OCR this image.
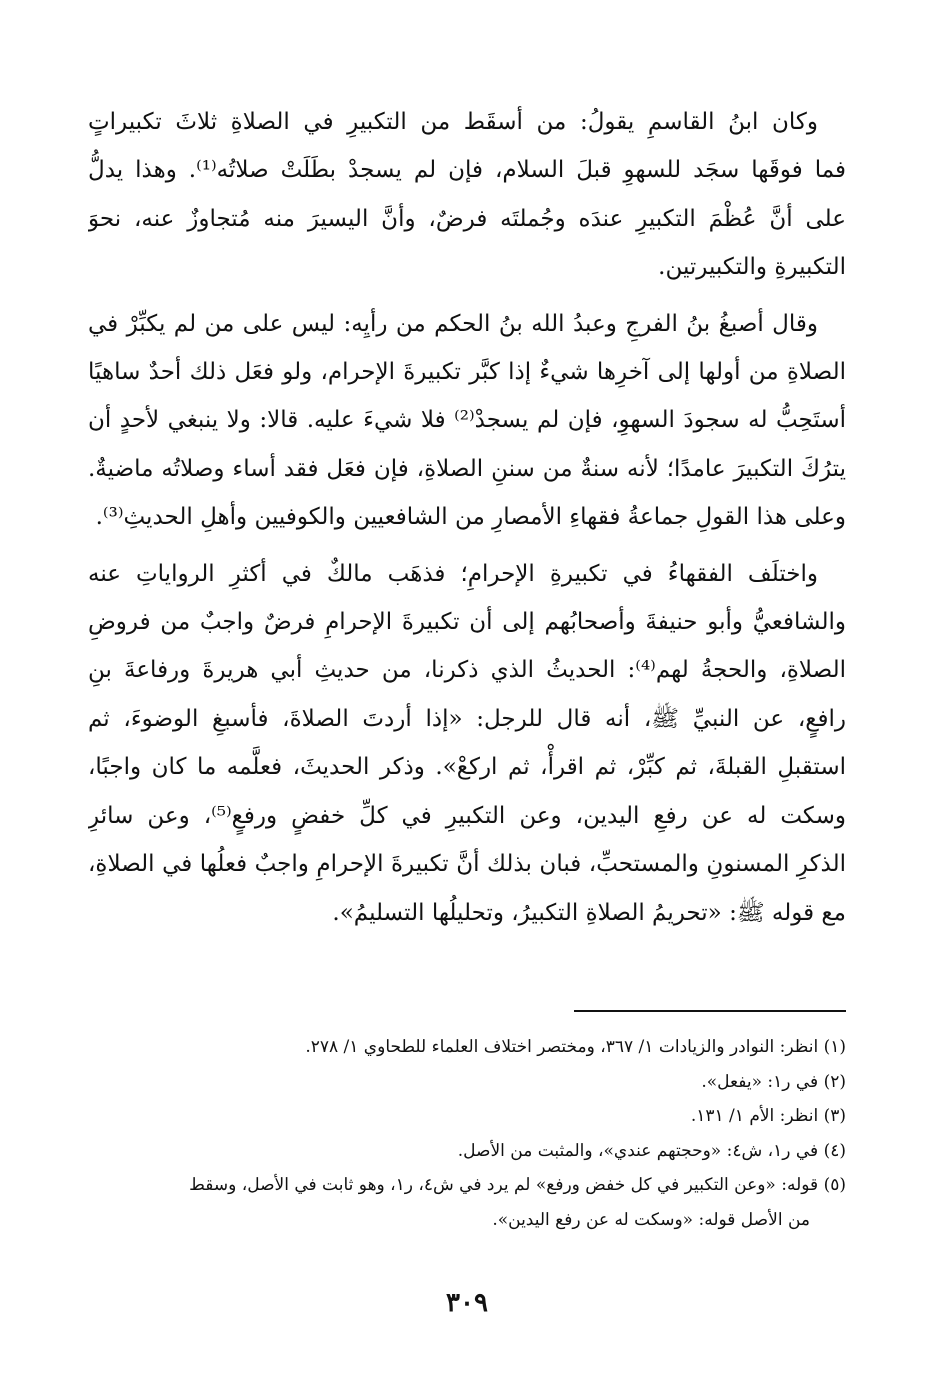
وكان ابنُ القاسمِ يقولُ: من أسقَط من التكبيرِ في الصلاةِ ثلاثَ تكبيراتٍ
فما فوقَها سجَد للسهوِ قبلَ السلام، فإن لم يسجدْ بطَلَتْ صلاتُه⁽¹⁾. وهذا يدلُّ
على أنَّ عُظْمَ التكبيرِ عندَه وجُملتَه فرضٌ، وأنَّ اليسيرَ منه مُتجاوزٌ عنه، نحوَ
التكبيرةِ والتكبيرتين.

وقال أصبغُ بنُ الفرجِ وعبدُ الله بنُ الحكم من رأيِه: ليس على من لم يكبِّرْ في
الصلاةِ من أولها إلى آخرِها شيءٌ إذا كبَّر تكبيرةَ الإحرام، ولو فعَل ذلك أحدٌ ساهيًا
أستَحِبُّ له سجودَ السهوِ، فإن لم يسجدْ⁽²⁾ فلا شيءَ عليه. قالا: ولا ينبغي لأحدٍ أن
يترُكَ التكبيرَ عامدًا؛ لأنه سنةٌ من سننِ الصلاةِ، فإن فعَل فقد أساء وصلاتُه ماضيةٌ.
وعلى هذا القولِ جماعةُ فقهاءِ الأمصارِ من الشافعيين والكوفيين وأهلِ الحديثِ⁽³⁾.

واختلَف الفقهاءُ في تكبيرةِ الإحرامِ؛ فذهَب مالكٌ في أكثرِ الرواياتِ عنه
والشافعيُّ وأبو حنيفةَ وأصحابُهم إلى أن تكبيرةَ الإحرامِ فرضٌ واجبٌ من فروضِ
الصلاةِ، والحجةُ لهم⁽⁴⁾: الحديثُ الذي ذكرنا، من حديثِ أبي هريرةَ ورفاعةَ بنِ
رافعٍ، عن النبيِّ ﷺ، أنه قال للرجل: «إذا أردتَ الصلاةَ، فأسبغِ الوضوءَ، ثم
استقبلِ القبلةَ، ثم كبِّرْ، ثم اقرأْ، ثم اركعْ». وذكر الحديثَ، فعلَّمه ما كان واجبًا،
وسكت له عن رفعِ اليدين، وعن التكبيرِ في كلِّ خفضٍ ورفعٍ⁽⁵⁾، وعن سائرِ
الذكرِ المسنونِ والمستحبِّ، فبان بذلك أنَّ تكبيرةَ الإحرامِ واجبٌ فعلُها في الصلاةِ،
مع قوله ﷺ: «تحريمُ الصلاةِ التكبيرُ، وتحليلُها التسليمُ».

(١) انظر: النوادر والزيادات ١/ ٣٦٧، ومختصر اختلاف العلماء للطحاوي ١/ ٢٧٨.
(٢) في ر١: «يفعل».
(٣) انظر: الأم ١/ ١٣١.
(٤) في ر١، ش٤: «وحجتهم عندي»، والمثبت من الأصل.
(٥) قوله: «وعن التكبير في كل خفض ورفع» لم يرد في ش٤، ر١، وهو ثابت في الأصل، وسقط
من الأصل قوله: «وسكت له عن رفع اليدين».
٣٠٩
